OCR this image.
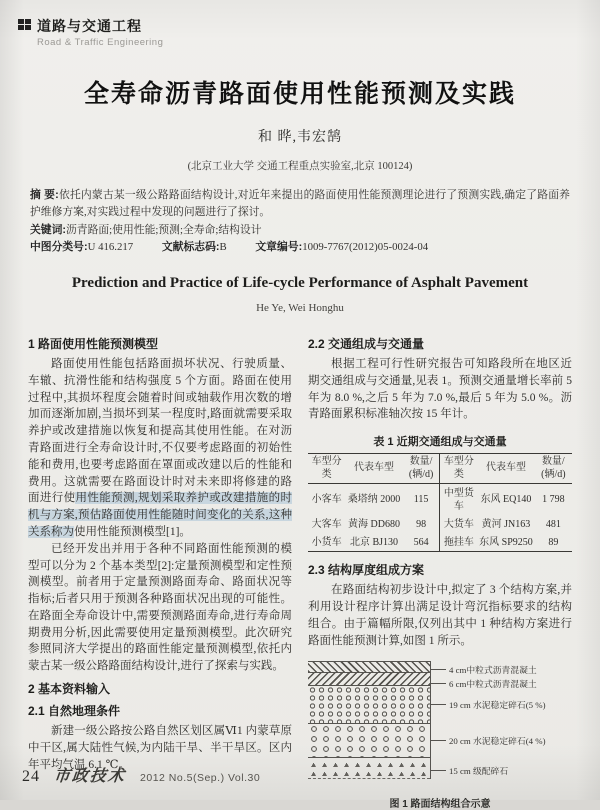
道路与交通工程
Road & Traffic Engineering
全寿命沥青路面使用性能预测及实践
和 晔,韦宏鹄
(北京工业大学 交通工程重点实验室,北京 100124)

摘 要:依托内蒙古某一级公路路面结构设计,对近年来提出的路面使用性能预测理论进行了预测实践,确定了路面养护维修方案,对实践过程中发现的问题进行了探讨。

关键词:沥青路面;使用性能;预测;全寿命;结构设计

中图分类号:U 416.217	文献标志码:B	文章编号:1009-7767(2012)05-0024-04

Prediction and Practice of Life-cycle Performance of Asphalt Pavement
He Ye, Wei Honghu
1 路面使用性能预测模型

路面使用性能包括路面损坏状况、行驶质量、车辙、抗滑性能和结构强度 5 个方面。路面在使用过程中,其损坏程度会随着时间或轴载作用次数的增加而逐渐加剧,当损坏到某一程度时,路面就需要采取养护或改建措施以恢复和提高其使用性能。在对沥青路面进行全寿命设计时,不仅要考虑路面的初始性能和费用,也要考虑路面在罩面或改建以后的性能和费用。这就需要在路面设计时对未来即将修建的路面进行使用性能预测,规划采取养护或改建措施的时机与方案,预估路面使用性能随时间变化的关系,这种关系称为使用性能预测模型[1]。

已经开发出并用于各种不同路面性能预测的模型可以分为 2 个基本类型[2]:定量预测模型和定性预测模型。前者用于定量预测路面寿命、路面状况等指标;后者只用于预测各种路面状况出现的可能性。在路面全寿命设计中,需要预测路面寿命,进行寿命周期费用分析,因此需要使用定量预测模型。此次研究参照同济大学提出的路面性能定量预测模型,依托内蒙古某一级公路路面结构设计,进行了探索与实践。

2 基本资料输入
2.1 自然地理条件

新建一级公路按公路自然区划区属Ⅵ1 内蒙草原中干区,属大陆性气候,为内陆干旱、半干旱区。区内年平均气温 6.1 ℃。

2.2 交通组成与交通量

根据工程可行性研究报告可知路段所在地区近期交通组成与交通量,见表 1。预测交通量增长率前 5 年为 8.0 %,之后 5 年为 7.0 %,最后 5 年为 5.0 %。沥青路面累积标准轴次按 15 年计。

表 1 近期交通组成与交通量
车型分类	代表车型	数量/ (辆/d)	车型分类	代表车型	数量/ (辆/d)
小客车	桑塔纳 2000	115	中型货车	东风 EQ140	1 798
大客车	黄海 DD680	98	大货车	黄河 JN163	481
小货车	北京 BJ130	564	拖挂车	东风 SP9250	89
2.3 结构厚度组成方案

在路面结构初步设计中,拟定了 3 个结构方案,并利用设计程序计算出满足设计弯沉指标要求的结构组合。由于篇幅所限,仅列出其中 1 种结构方案进行路面性能预测计算,如图 1 所示。

4 cm中粒式沥青混凝土
6 cm中粒式沥青混凝土
19 cm 水泥稳定碎石(5 %)
20 cm 水泥稳定碎石(4 %)
15 cm 级配碎石
图 1 路面结构组合示意
24 市政技术 2012 No.5(Sep.) Vol.30
